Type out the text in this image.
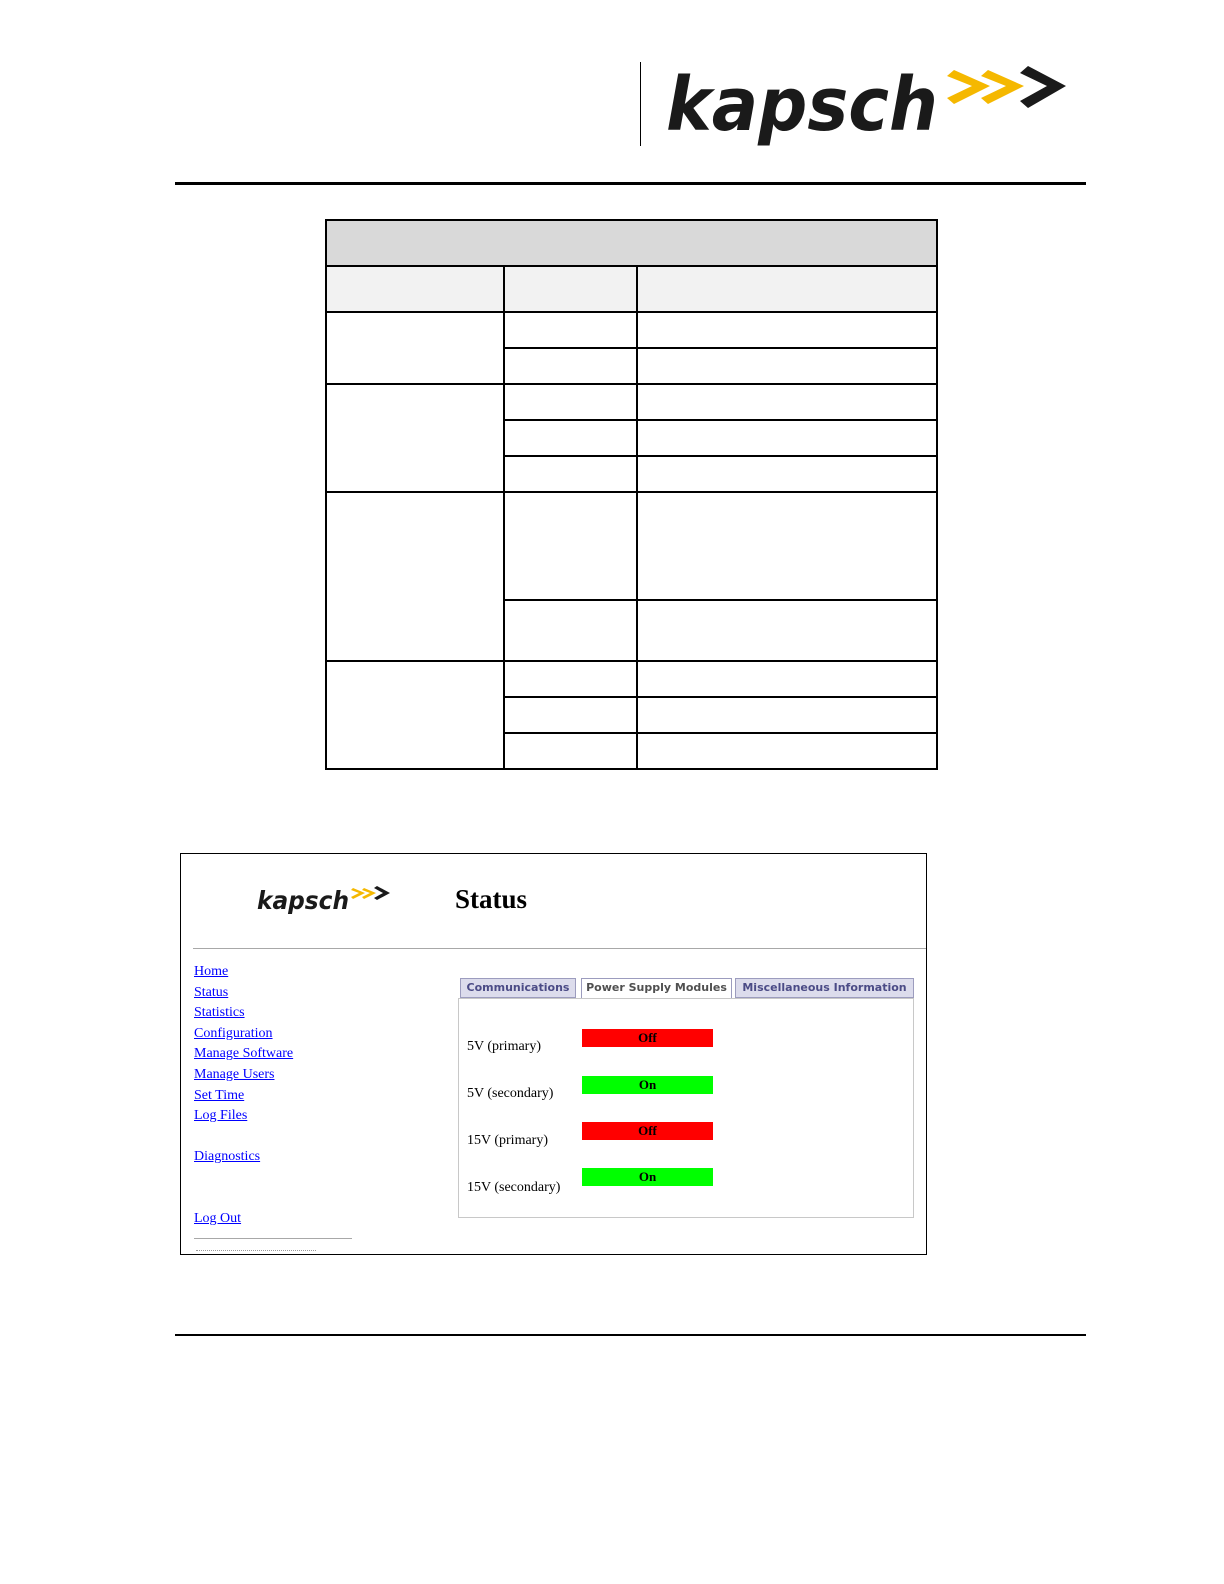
kapsch

kapsch	Status
Home
Status
Statistics
Configuration
Manage Software
Manage Users
Set Time
Log Files
Diagnostics
Log Out
Communications	Power Supply Modules	Miscellaneous Information
5V (primary)
Off
5V (secondary)
On
15V (primary)
Off
15V (secondary)
On
